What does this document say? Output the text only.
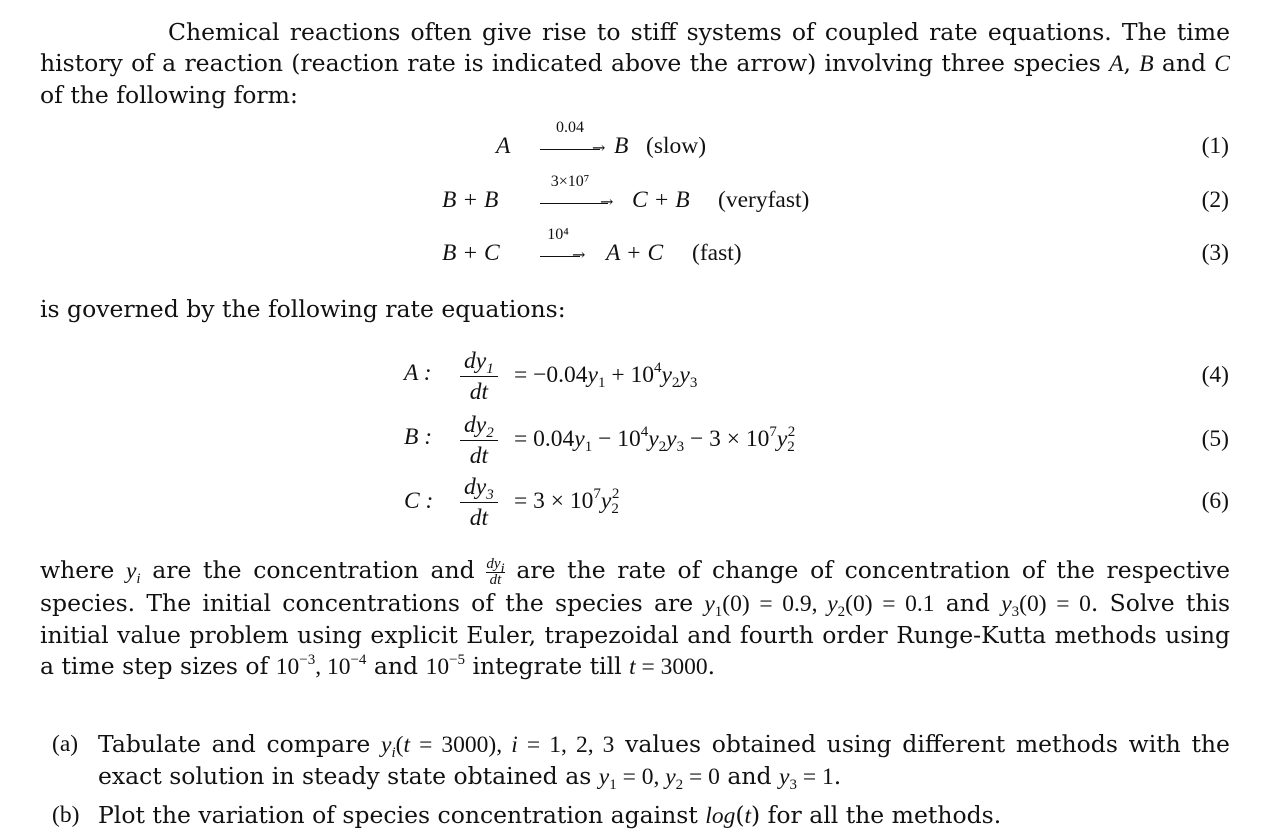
Chemical reactions often give rise to stiff systems of coupled rate equations. The time history of a reaction (reaction rate is indicated above the arrow) involving three species A, B and C of the following form:
A
0.04
→ B (slow)	(1)
B + B
3×10⁷
→ C + B (veryfast)	(2)
B + C
10⁴
→ A + C (fast)	(3)
is governed by the following rate equations:
A : $\frac{dy_1}{dt} = -0.04y_1 + 10^4y_2y_3$	(4)
B : $\frac{dy_2}{dt} = 0.04y_1 - 10^4y_2y_3 - 3 \times 10^7y_2^2$	(5)
C : $\frac{dy_3}{dt} = 3 \times 10^7y_2^2$	(6)
where $y_i$ are the concentration and $dy_i$
dt are the rate of change of concentration of the respective species. The initial concentrations of the species are $y_1(0) = 0.9$, $y_2(0) = 0.1$ and $y_3(0) = 0$. Solve this initial value problem using explicit Euler, trapezoidal and fourth order Runge-Kutta methods using a time step sizes of $10^{-3}$, $10^{-4}$ and $10^{-5}$ integrate till t = 3000.
(a) Tabulate and compare $y_i(t = 3000)$, i = 1, 2, 3 values obtained using different methods with the exact solution in steady state obtained as $y_1 = 0$, $y_2 = 0$ and $y_3 = 1$.
(b) Plot the variation of species concentration against log(t) for all the methods.
